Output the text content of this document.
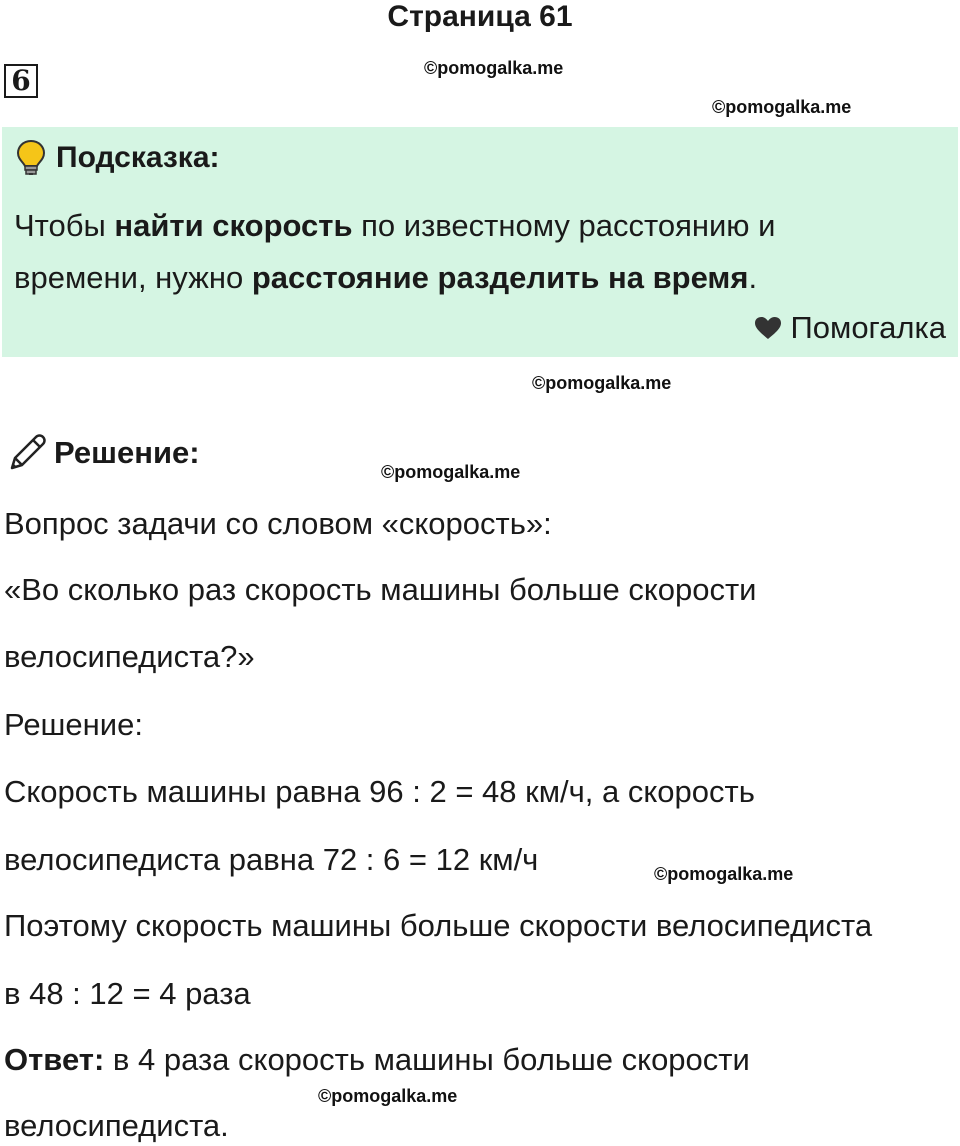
Страница 61
6	©pomogalka.me
©pomogalka.me
Подсказка:
Чтобы найти скорость по известному расстоянию и
времени, нужно расстояние разделить на время.
Помогалка
©pomogalka.me
Решение:
©pomogalka.me
Вопрос задачи со словом «скорость»:
«Во сколько раз скорость машины больше скорости
велосипедиста?»
Решение:
Скорость машины равна 96 : 2 = 48 км/ч, а скорость
велосипедиста равна 72 : 6 = 12 км/ч	©pomogalka.me
Поэтому скорость машины больше скорости велосипедиста
в 48 : 12 = 4 раза
Ответ: в 4 раза скорость машины больше скорости
©pomogalka.me
велосипедиста.
